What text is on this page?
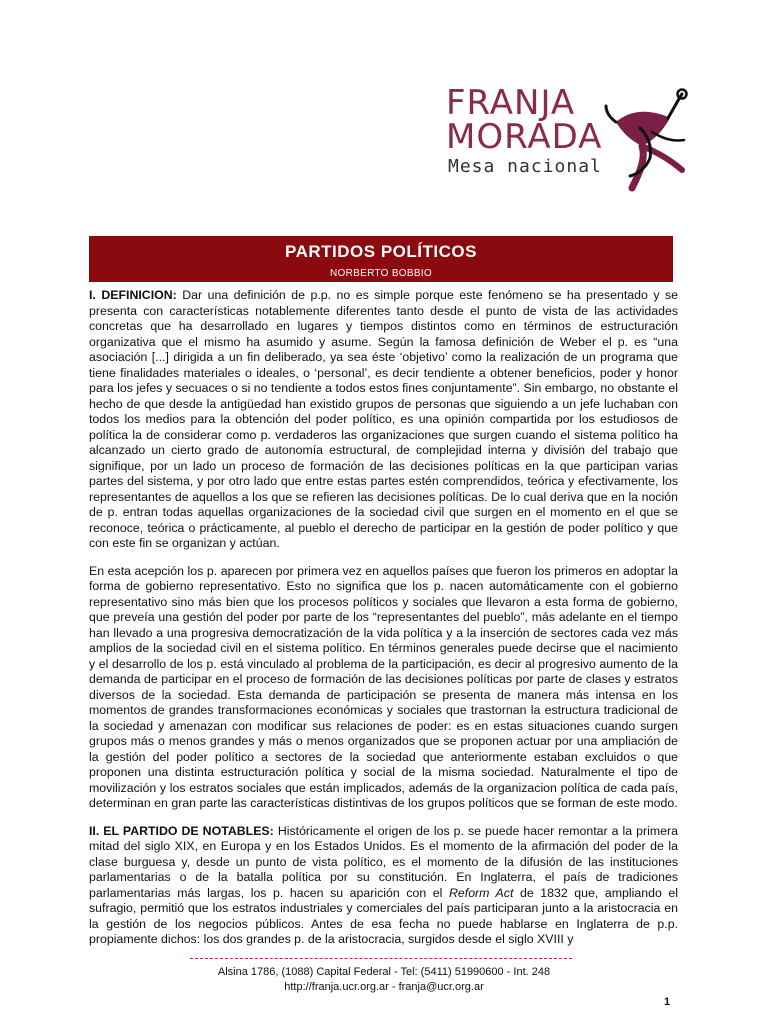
FRANJA
MORADA
Mesa nacional
PARTIDOS POLÍTICOS
NORBERTO BOBBIO

I. DEFINICION: Dar una definición de p.p. no es simple porque este fenómeno se ha presentado y se presenta con características notablemente diferentes tanto desde el punto de vista de las actividades concretas que ha desarrollado en lugares y tiempos distintos como en términos de estructuración organizativa que el mismo ha asumido y asume. Según la famosa definición de Weber el p. es “una asociación [...] dirigida a un fin deliberado, ya sea éste ‘objetivo’ como la realización de un programa que tiene finalidades materiales o ideales, o ‘personal’, es decir tendiente a obtener beneficios, poder y honor para los jefes y secuaces o si no tendiente a todos estos fines conjuntamente”. Sin embargo, no obstante el hecho de que desde la antigüedad han existido grupos de personas que siguiendo a un jefe luchaban con todos los medios para la obtención del poder político, es una opinión compartida por los estudiosos de política la de considerar como p. verdaderos las organizaciones que surgen cuando el sistema político ha alcanzado un cierto grado de autonomía estructural, de complejidad interna y división del trabajo que signifique, por un lado un proceso de formación de las decisiones políticas en la que participan varias partes del sistema, y por otro lado que entre estas partes estén comprendidos, teórica y efectivamente, los representantes de aquellos a los que se refieren las decisiones políticas. De lo cual deriva que en la noción de p. entran todas aquellas organizaciones de la sociedad civil que surgen en el momento en el que se reconoce, teórica o prácticamente, al pueblo el derecho de participar en la gestión de poder político y que con este fin se organizan y actúan.

En esta acepción los p. aparecen por primera vez en aquellos países que fueron los primeros en adoptar la forma de gobierno representativo. Esto no significa que los p. nacen automáticamente con el gobierno representativo sino más bien que los procesos políticos y sociales que llevaron a esta forma de gobierno, que preveía una gestión del poder por parte de los “representantes del pueblo”, más adelante en el tiempo han llevado a una progresiva democratización de la vida política y a la inserción de sectores cada vez más amplios de la sociedad civil en el sistema político. En términos generales puede decirse que el nacimiento y el desarrollo de los p. está vinculado al problema de la participación, es decir al progresivo aumento de la demanda de participar en el proceso de formación de las decisiones políticas por parte de clases y estratos diversos de la sociedad. Esta demanda de participación se presenta de manera más intensa en los momentos de grandes transformaciones económicas y sociales que trastornan la estructura tradicional de la sociedad y amenazan con modificar sus relaciones de poder: es en estas situaciones cuando surgen grupos más o menos grandes y más o menos organizados que se proponen actuar por una ampliación de la gestión del poder político a sectores de la sociedad que anteriormente estaban excluidos o que proponen una distinta estructuración política y social de la misma sociedad. Naturalmente el tipo de movilización y los estratos sociales que están implicados, además de la organizacion política de cada país, determinan en gran parte las características distintivas de los grupos políticos que se forman de este modo.

II. EL PARTIDO DE NOTABLES: Históricamente el origen de los p. se puede hacer remontar a la primera mitad del siglo XIX, en Europa y en los Estados Unidos. Es el momento de la afirmación del poder de la clase burguesa y, desde un punto de vista político, es el momento de la difusión de las instituciones parlamentarias o de la batalla política por su constitución. En Inglaterra, el país de tradiciones parlamentarias más largas, los p. hacen su aparición con el Reform Act de 1832 que, ampliando el sufragio, permitió que los estratos industriales y comerciales del país participaran junto a la aristocracia en la gestión de los negocios públicos. Antes de esa fecha no puede hablarse en Inglaterra de p.p. propiamente dichos: los dos grandes p. de la aristocracia, surgidos desde el siglo XVIII y

Alsina 1786, (1088) Capital Federal - Tel: (5411) 51990600 - Int. 248
http://franja.ucr.org.ar - franja@ucr.org.ar
1
